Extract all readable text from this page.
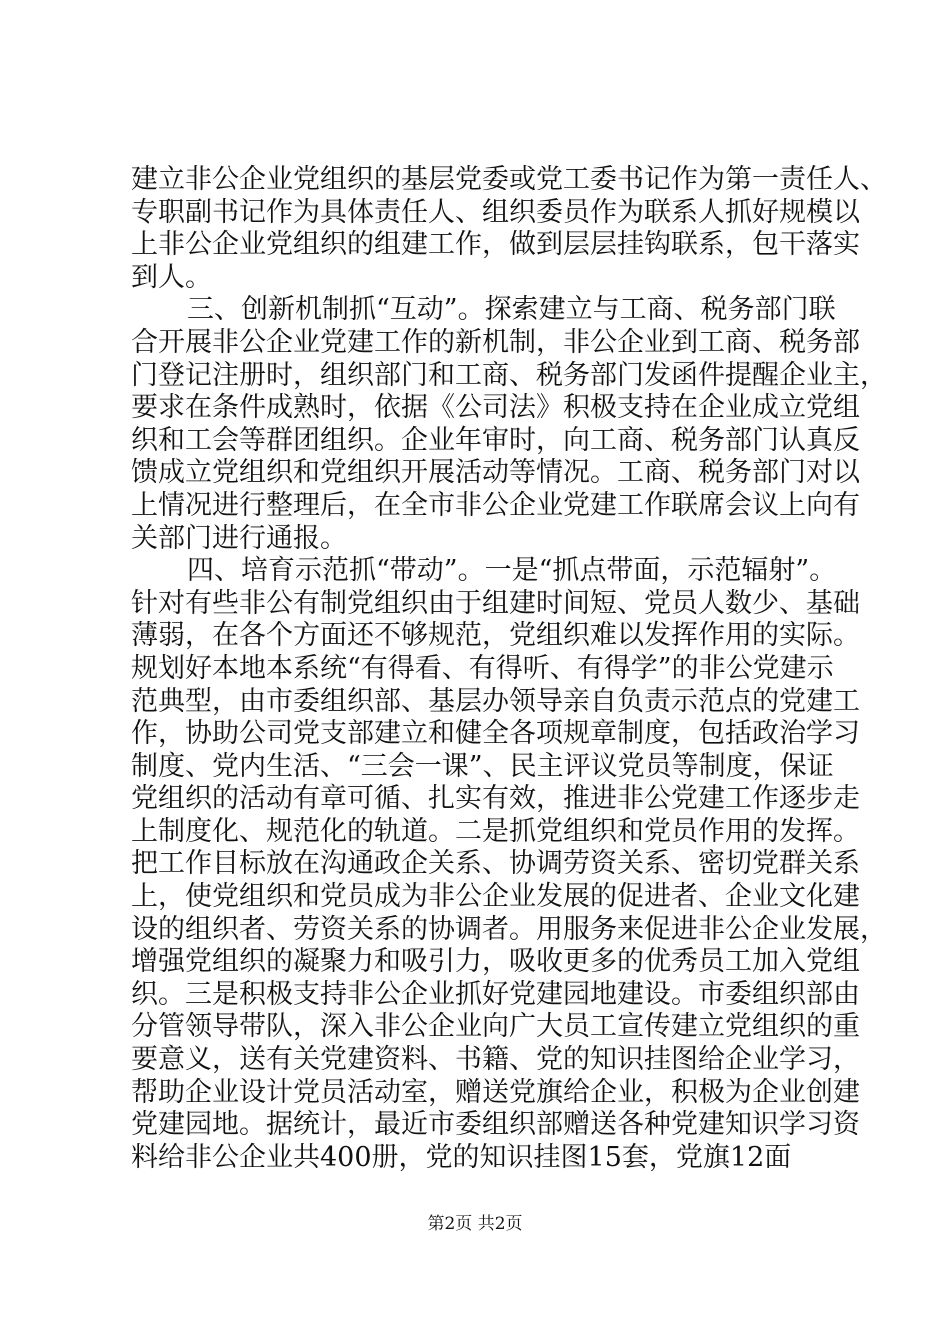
建立非公企业党组织的基层党委或党工委书记作为第一责任人、
专职副书记作为具体责任人、组织委员作为联系人抓好规模以
上非公企业党组织的组建工作，做到层层挂钩联系，包干落实
到人。
三、创新机制抓“互动”。探索建立与工商、税务部门联
合开展非公企业党建工作的新机制，非公企业到工商、税务部
门登记注册时，组织部门和工商、税务部门发函件提醒企业主，
要求在条件成熟时，依据《公司法》积极支持在企业成立党组
织和工会等群团组织。企业年审时，向工商、税务部门认真反
馈成立党组织和党组织开展活动等情况。工商、税务部门对以
上情况进行整理后，在全市非公企业党建工作联席会议上向有
关部门进行通报。
四、培育示范抓“带动”。一是“抓点带面，示范辐射”。
针对有些非公有制党组织由于组建时间短、党员人数少、基础
薄弱，在各个方面还不够规范，党组织难以发挥作用的实际。
规划好本地本系统“有得看、有得听、有得学”的非公党建示
范典型，由市委组织部、基层办领导亲自负责示范点的党建工
作，协助公司党支部建立和健全各项规章制度，包括政治学习
制度、党内生活、“三会一课”、民主评议党员等制度，保证
党组织的活动有章可循、扎实有效，推进非公党建工作逐步走
上制度化、规范化的轨道。二是抓党组织和党员作用的发挥。
把工作目标放在沟通政企关系、协调劳资关系、密切党群关系
上，使党组织和党员成为非公企业发展的促进者、企业文化建
设的组织者、劳资关系的协调者。用服务来促进非公企业发展，
增强党组织的凝聚力和吸引力，吸收更多的优秀员工加入党组
织。三是积极支持非公企业抓好党建园地建设。市委组织部由
分管领导带队，深入非公企业向广大员工宣传建立党组织的重
要意义，送有关党建资料、书籍、党的知识挂图给企业学习，
帮助企业设计党员活动室，赠送党旗给企业，积极为企业创建
党建园地。据统计，最近市委组织部赠送各种党建知识学习资
料给非公企业共400册，党的知识挂图15套，党旗12面
第2页 共2页
